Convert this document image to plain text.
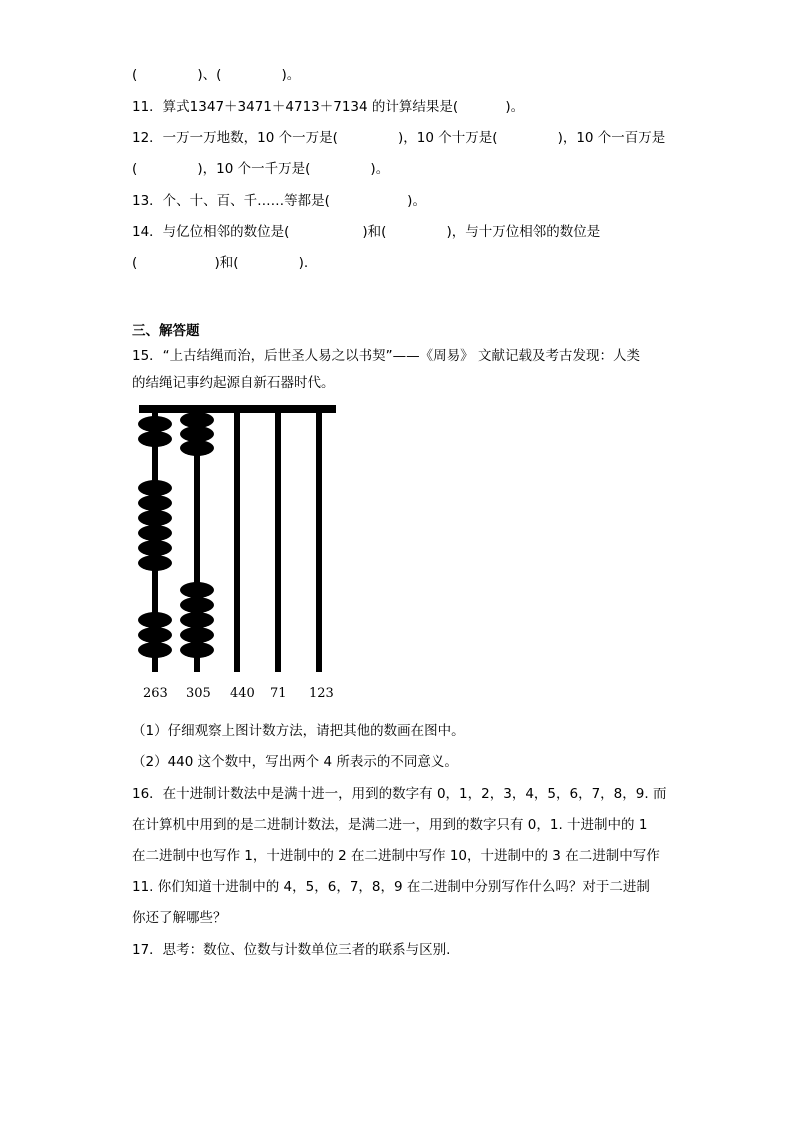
(              )、(              )。
11．算式1347＋3471＋4713＋7134 的计算结果是(           )。
12．一万一万地数，10 个一万是(              )，10 个十万是(              )，10 个一百万是
(              )，10 个一千万是(              )。
13．个、十、百、千……等都是(                  )。
14．与亿位相邻的数位是(                 )和(              )，与十万位相邻的数位是
(                  )和(              ).
三、解答题
15．“上古结绳而治，后世圣人易之以书契”——《周易》 文献记载及考古发现：人类
的结绳记事约起源自新石器时代。
263 305 440 71 123
（1）仔细观察上图计数方法，请把其他的数画在图中。
（2）440 这个数中，写出两个 4 所表示的不同意义。
16．在十进制计数法中是满十进一，用到的数字有 0，1，2，3，4，5，6，7，8，9. 而
在计算机中用到的是二进制计数法，是满二进一，用到的数字只有 0，1. 十进制中的 1
在二进制中也写作 1，十进制中的 2 在二进制中写作 10，十进制中的 3 在二进制中写作
11. 你们知道十进制中的 4，5，6，7，8，9 在二进制中分别写作什么吗？对于二进制
你还了解哪些？
17．思考：数位、位数与计数单位三者的联系与区别.
